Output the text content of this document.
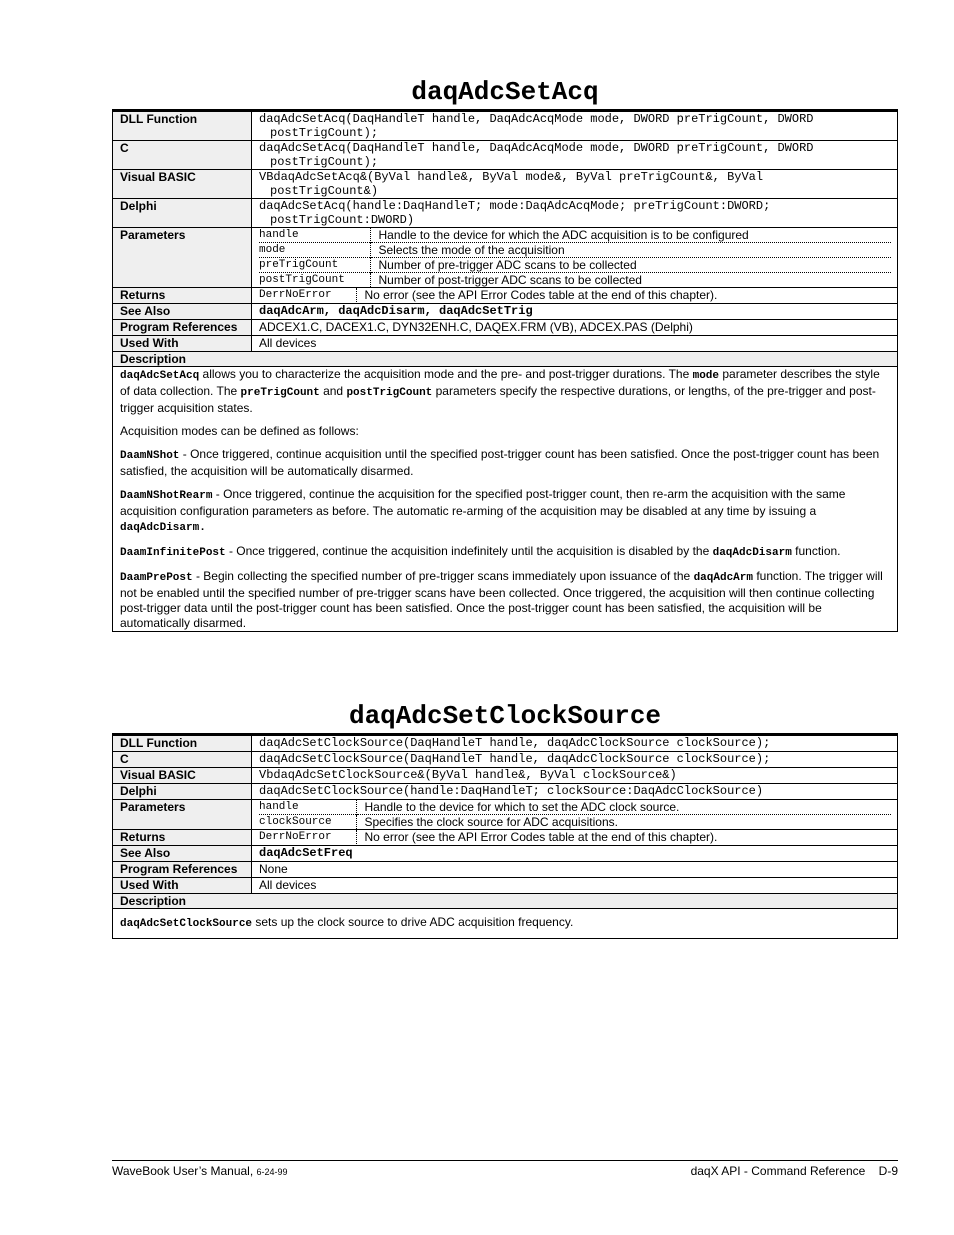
daqAdcSetAcq
DLL Function	daqAdcSetAcq(DaqHandleT handle, DaqAdcAcqMode mode, DWORD preTrigCount, DWORD
postTrigCount);

C	daqAdcSetAcq(DaqHandleT handle, DaqAdcAcqMode mode, DWORD preTrigCount, DWORD
postTrigCount);

Visual BASIC	VBdaqAdcSetAcq&(ByVal handle&, ByVal mode&, ByVal preTrigCount&, ByVal
postTrigCount&)

Delphi	daqAdcSetAcq(handle:DaqHandleT; mode:DaqAdcAcqMode; preTrigCount:DWORD;
postTrigCount:DWORD)

Parameters		handle	Handle to the device for which the ADC acquisition is to be configured
mode	Selects the mode of the acquisition
preTrigCount	Number of pre-trigger ADC scans to be collected
postTrigCount	Number of post-trigger ADC scans to be collected

Returns		DerrNoError	No error (see the API Error Codes table at the end of this chapter).

See Also	daqAdcArm, daqAdcDisarm, daqAdcSetTrig
Program References	ADCEX1.C, DACEX1.C, DYN32ENH.C, DAQEX.FRM (VB), ADCEX.PAS (Delphi)
Used With	All devices
Description

daqAdcSetAcq allows you to characterize the acquisition mode and the pre- and post-trigger durations. The mode parameter describes the style of data collection. The preTrigCount and postTrigCount parameters specify the respective durations, or lengths, of the pre-trigger and post-trigger acquisition states.

Acquisition modes can be defined as follows:

DaamNShot - Once triggered, continue acquisition until the specified post-trigger count has been satisfied. Once the post-trigger count has been satisfied, the acquisition will be automatically disarmed.

DaamNShotRearm - Once triggered, continue the acquisition for the specified post-trigger count, then re-arm the acquisition with the same acquisition configuration parameters as before. The automatic re-arming of the acquisition may be disabled at any time by issuing a daqAdcDisarm.

DaamInfinitePost - Once triggered, continue the acquisition indefinitely until the acquisition is disabled by the daqAdcDisarm function.

DaamPrePost - Begin collecting the specified number of pre-trigger scans immediately upon issuance of the daqAdcArm function. The trigger will not be enabled until the specified number of pre-trigger scans have been collected. Once triggered, the acquisition will then continue collecting post-trigger data until the post-trigger count has been satisfied. Once the post-trigger count has been satisfied, the acquisition will be automatically disarmed.

daqAdcSetClockSource
DLL Function	daqAdcSetClockSource(DaqHandleT handle, daqAdcClockSource clockSource);
C	daqAdcSetClockSource(DaqHandleT handle, daqAdcClockSource clockSource);
Visual BASIC	VbdaqAdcSetClockSource&(ByVal handle&, ByVal clockSource&)
Delphi	daqAdcSetClockSource(handle:DaqHandleT; clockSource:DaqAdcClockSource)
Parameters		handle	Handle to the device for which to set the ADC clock source.
clockSource	Specifies the clock source for ADC acquisitions.

Returns		DerrNoError	No error (see the API Error Codes table at the end of this chapter).

See Also	daqAdcSetFreq
Program References	None
Used With	All devices
Description

daqAdcSetClockSource sets up the clock source to drive ADC acquisition frequency.

WaveBook User’s Manual, 6-24-99	daqX API - Command Reference    D-9
